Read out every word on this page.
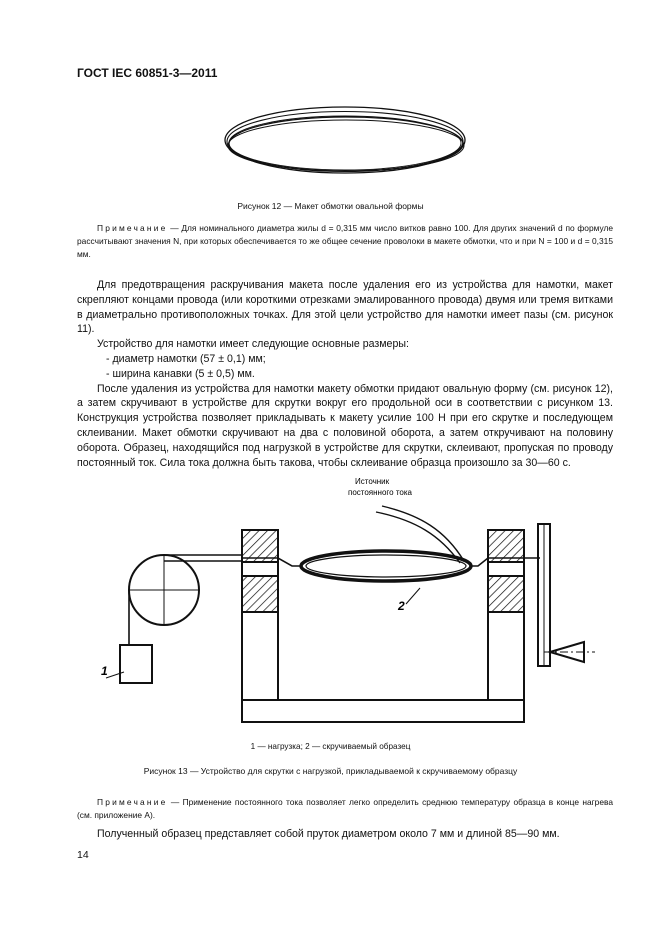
ГОСТ IEC 60851-3—2011
Рисунок 12 — Макет обмотки овальной формы
Примечание — Для номинального диаметра жилы d = 0,315 мм число витков равно 100. Для других значений d по формуле рассчитывают значения N, при которых обеспечивается то же общее сечение проволоки в макете обмотки, что и при N = 100 и d = 0,315 мм.

Для предотвращения раскручивания макета после удаления его из устройства для намотки, макет скрепляют концами провода (или короткими отрезками эмалированного провода) двумя или тремя витками в диаметрально противоположных точках. Для этой цели устройство для намотки имеет пазы (см. рисунок 11).

Устройство для намотки имеет следующие основные размеры:

- диаметр намотки (57 ± 0,1) мм;

- ширина канавки (5 ± 0,5) мм.

После удаления из устройства для намотки макету обмотки придают овальную форму (см. рисунок 12), а затем скручивают в устройстве для скрутки вокруг его продольной оси в соответствии с рисунком 13. Конструкция устройства позволяет прикладывать к макету усилие 100 Н при его скрутке и последующем склеивании. Макет обмотки скручивают на два с половиной оборота, а затем откручивают на половину оборота. Образец, находящийся под нагрузкой в устройстве для скрутки, склеивают, пропуская по проводу постоянный ток. Сила тока должна быть такова, чтобы склеивание образца произошло за 30—60 с.

Источник
постоянного тока
1
2
1 — нагрузка; 2 — скручиваемый образец
Рисунок 13 — Устройство для скрутки с нагрузкой, прикладываемой к скручиваемому образцу
Примечание — Применение постоянного тока позволяет легко определить среднюю температуру образца в конце нагрева (см. приложение А).
Полученный образец представляет собой пруток диаметром около 7 мм и длиной 85—90 мм.
14
